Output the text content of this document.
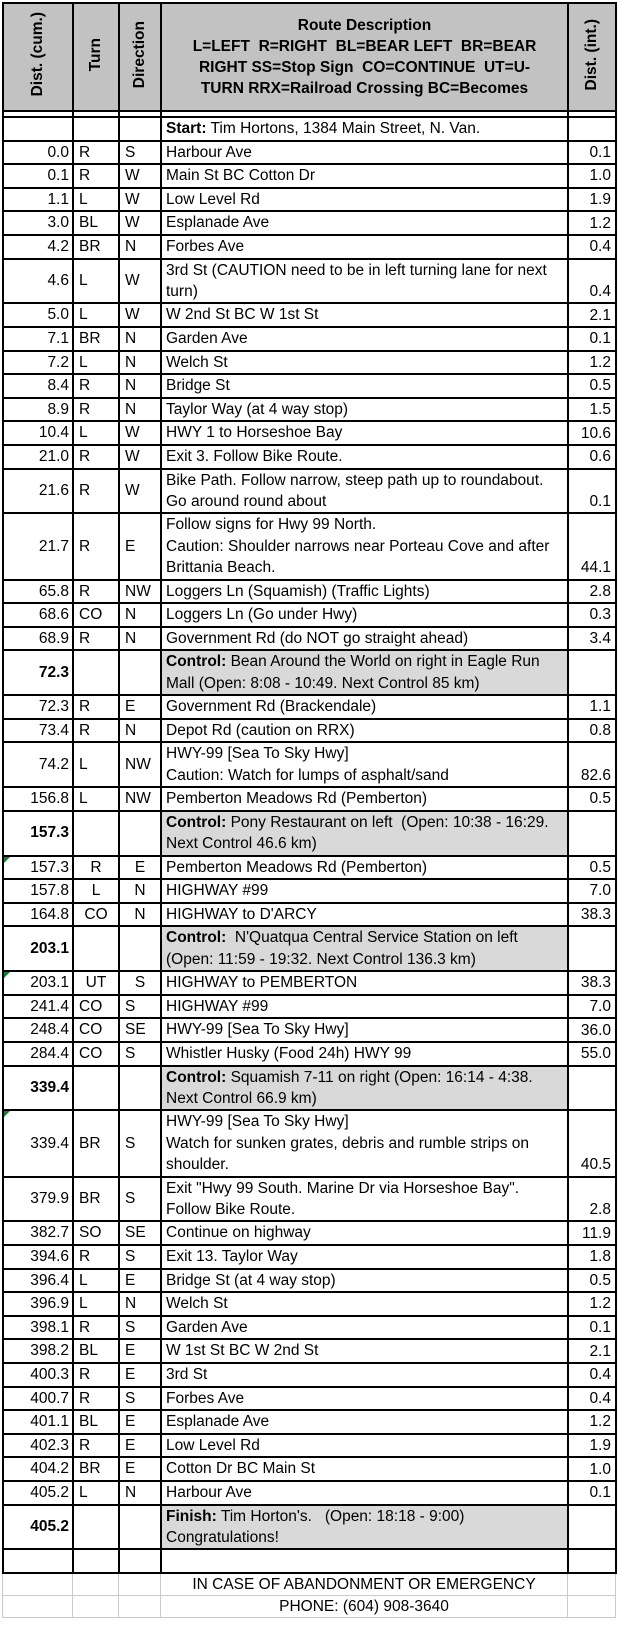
Dist. (cum.)	Turn	Direction	Route Description
L=LEFT  R=RIGHT  BL=BEAR LEFT  BR=BEAR
RIGHT SS=Stop Sign  CO=CONTINUE  UT=U-
TURN RRX=Railroad Crossing BC=Becomes	Dist. (int.)

			Start: Tim Hortons, 1384 Main Street, N. Van.	

0.0	R	S	Harbour Ave	0.1
0.1	R	W	Main St BC Cotton Dr	1.0
1.1	L	W	Low Level Rd	1.9
3.0	BL	W	Esplanade Ave	1.2
4.2	BR	N	Forbes Ave	0.4
4.6	L	W	3rd St (CAUTION need to be in left turning lane for next turn)	0.4
5.0	L	W	W 2nd St BC W 1st St	2.1
7.1	BR	N	Garden Ave	0.1
7.2	L	N	Welch St	1.2
8.4	R	N	Bridge St	0.5
8.9	R	N	Taylor Way (at 4 way stop)	1.5
10.4	L	W	HWY 1 to Horseshoe Bay	10.6
21.0	R	W	Exit 3. Follow Bike Route.	0.6
21.6	R	W	Bike Path. Follow narrow, steep path up to roundabout. Go around round about	0.1
21.7	R	E	Follow signs for Hwy 99 North.
Caution: Shoulder narrows near Porteau Cove and after Brittania Beach.	44.1
65.8	R	NW	Loggers Ln (Squamish) (Traffic Lights)	2.8
68.6	CO	N	Loggers Ln (Go under Hwy)	0.3
68.9	R	N	Government Rd (do NOT go straight ahead)	3.4
72.3			Control: Bean Around the World on right in Eagle Run Mall (Open: 8:08 - 10:49. Next Control 85 km)	

72.3	R	E	Government Rd (Brackendale)	1.1
73.4	R	N	Depot Rd (caution on RRX)	0.8
74.2	L	NW	HWY-99 [Sea To Sky Hwy]
Caution: Watch for lumps of asphalt/sand	82.6
156.8	L	NW	Pemberton Meadows Rd (Pemberton)	0.5
157.3			Control: Pony Restaurant on left  (Open: 10:38 - 16:29. Next Control 46.6 km)	

157.3	R	E	Pemberton Meadows Rd (Pemberton)	0.5
157.8	L	N	HIGHWAY #99	7.0
164.8	CO	N	HIGHWAY to D'ARCY	38.3
203.1			Control:  N'Quatqua Central Service Station on left (Open: 11:59 - 19:32. Next Control 136.3 km)	

203.1	UT	S	HIGHWAY to PEMBERTON	38.3
241.4	CO	S	HIGHWAY #99	7.0
248.4	CO	SE	HWY-99 [Sea To Sky Hwy]	36.0
284.4	CO	S	Whistler Husky (Food 24h) HWY 99	55.0
339.4			Control: Squamish 7-11 on right (Open: 16:14 - 4:38. Next Control 66.9 km)	

339.4	BR	S	HWY-99 [Sea To Sky Hwy]
Watch for sunken grates, debris and rumble strips on shoulder.	40.5
379.9	BR	S	Exit "Hwy 99 South. Marine Dr via Horseshoe Bay". Follow Bike Route.	2.8
382.7	SO	SE	Continue on highway	11.9
394.6	R	S	Exit 13. Taylor Way	1.8
396.4	L	E	Bridge St (at 4 way stop)	0.5
396.9	L	N	Welch St	1.2
398.1	R	S	Garden Ave	0.1
398.2	BL	E	W 1st St BC W 2nd St	2.1
400.3	R	E	3rd St	0.4
400.7	R	S	Forbes Ave	0.4
401.1	BL	E	Esplanade Ave	1.2
402.3	R	E	Low Level Rd	1.9
404.2	BR	E	Cotton Dr BC Main St	1.0
405.2	L	N	Harbour Ave	0.1
405.2			Finish: Tim Horton's.   (Open: 18:18 - 9:00)
Congratulations!	

			IN CASE OF ABANDONMENT OR EMERGENCY	
			PHONE: (604) 908-3640	
